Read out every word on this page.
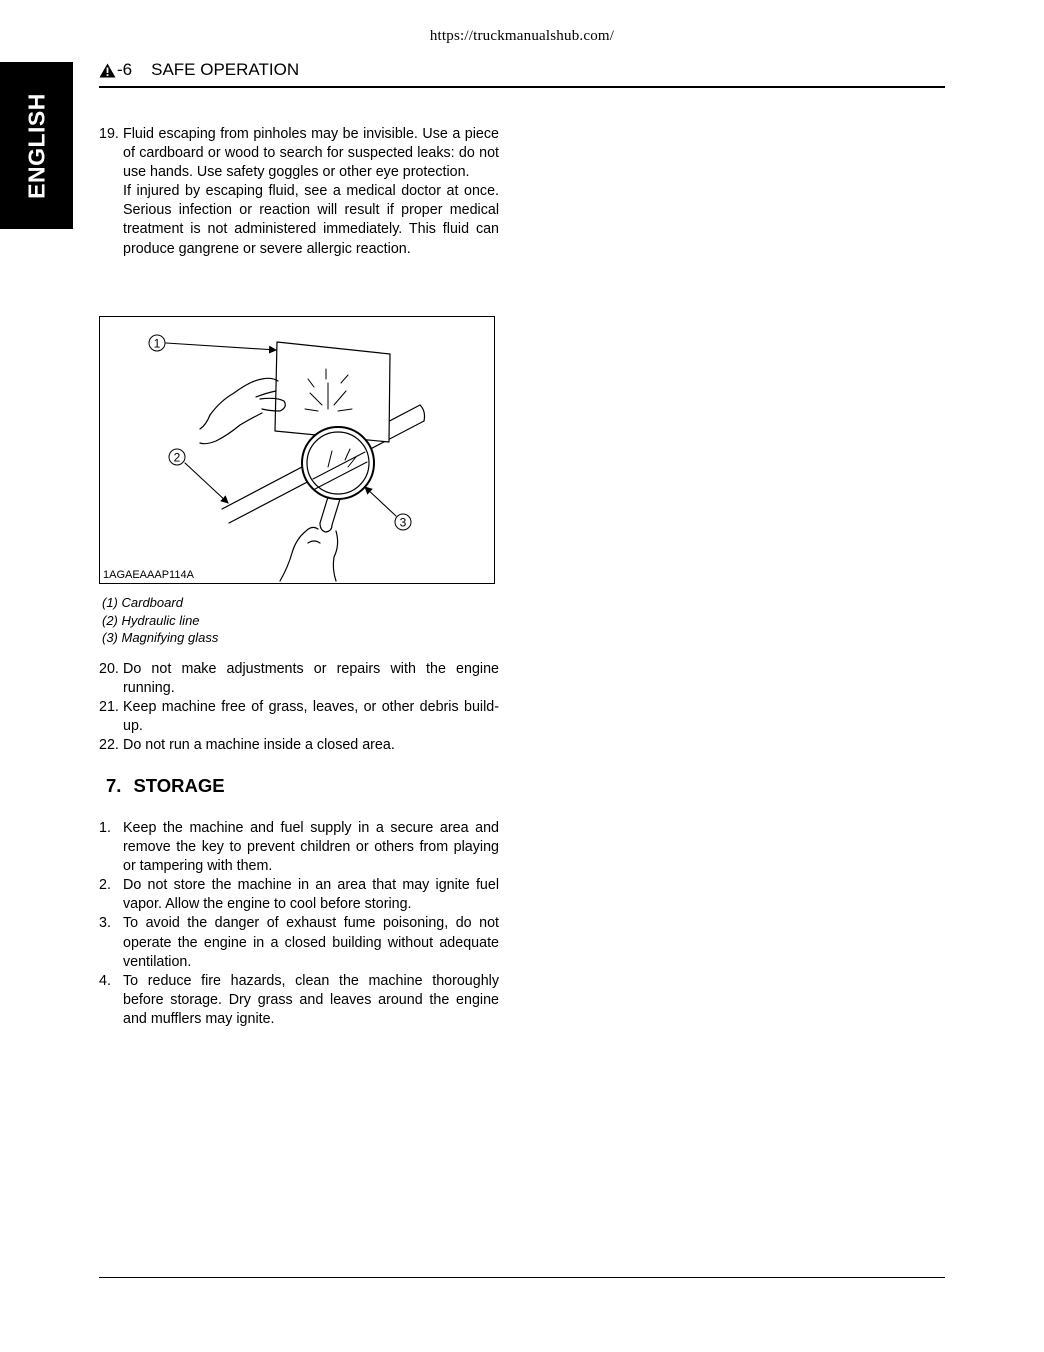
https://truckmanualshub.com/
ENGLISH
-6 SAFE OPERATION
19. Fluid escaping from pinholes may be invisible. Use a piece of cardboard or wood to search for suspected leaks: do not use hands. Use safety goggles or other eye protection.

If injured by escaping fluid, see a medical doctor at once. Serious infection or reaction will result if proper medical treatment is not administered immediately. This fluid can produce gangrene or severe allergic reaction.

1
2
3
1AGAEAAAP114A
(1) Cardboard
(2) Hydraulic line
(3) Magnifying glass
20. Do not make adjustments or repairs with the engine running.
21. Keep machine free of grass, leaves, or other debris build-up.
22. Do not run a machine inside a closed area.
7. STORAGE
1. Keep the machine and fuel supply in a secure area and remove the key to prevent children or others from playing or tampering with them.
2. Do not store the machine in an area that may ignite fuel vapor. Allow the engine to cool before storing.
3. To avoid the danger of exhaust fume poisoning, do not operate the engine in a closed building without adequate ventilation.
4. To reduce fire hazards, clean the machine thoroughly before storage. Dry grass and leaves around the engine and mufflers may ignite.
